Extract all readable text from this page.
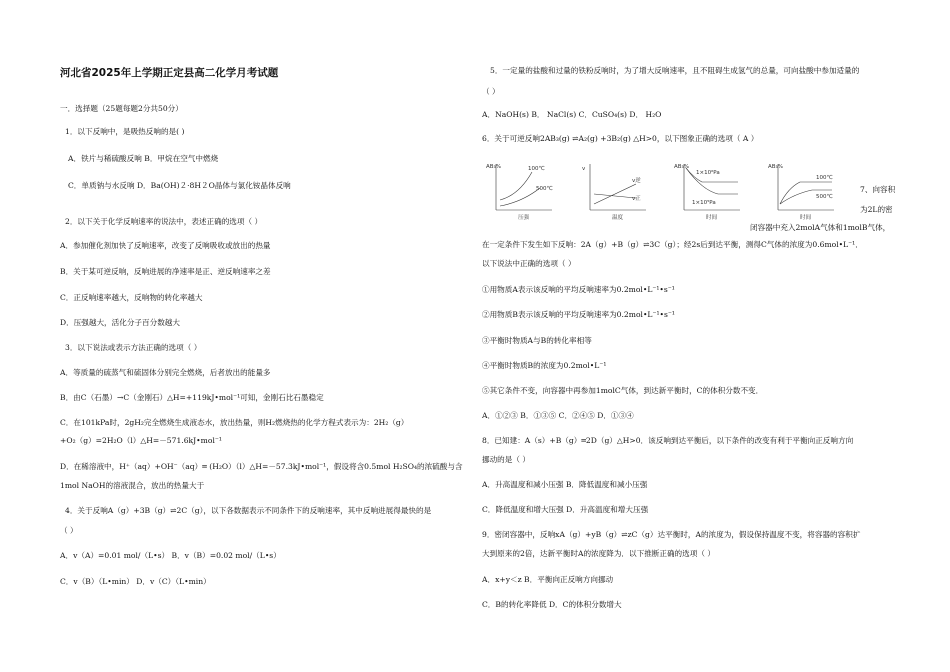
河北省2025年上学期正定县高二化学月考试题
一．选择题（25题每题2分共50分）
1．以下反响中，是吸热反响的是( )
A．铁片与稀硫酸反响 B．甲烷在空气中燃烧
C．单质钠与水反响 D．Ba(OH)２·8H２O晶体与氯化铵晶体反响
2．以下关于化学反响速率的说法中，表述正确的选项（ ）
A．参加催化剂加快了反响速率，改变了反响吸收或放出的热量
B．关于某可逆反响，反响进展的净速率是正、逆反响速率之差
C．正反响速率越大，反响物的转化率越大
D．压强越大，活化分子百分数越大
3．以下说法或表示方法正确的选项（ ）
A．等质量的硫蒸气和硫固体分别完全燃烧，后者放出的能量多
B．由C（石墨）→C（金刚石）△H=+119kJ•mol⁻¹可知，金刚石比石墨稳定
C．在101kPa时，2gH₂完全燃烧生成液态水，放出热量，则H₂燃烧热的化学方程式表示为：2H₂（g）
+O₂（g）=2H₂O（l）△H=－571.6kJ•mol⁻¹
D．在稀溶液中，H⁺（aq）+OH⁻（aq）═ (H₂O）（l）△H=－57.3kJ•mol⁻¹，假设将含0.5mol H₂SO₄的浓硫酸与含
1mol NaOH的溶液混合，放出的热量大于
4．关于反响A（g）+3B（g）⇌2C（g），以下各数据表示不同条件下的反响速率，其中反响进展得最快的是
（ ）
A．v（A）=0.01 mol/（L•s） B．v（B）=0.02 mol/（L•s）
C．v（B）（L•min） D．v（C）（L•min）
5．一定量的盐酸和过量的铁粉反响时，为了增大反响速率，且不阻碍生成氢气的总量，可向盐酸中参加适量的
（ ）
A．NaOH(s) B． NaCl(s) C．CuSO₄(s) D． H₂O
6．关于可逆反响2AB₃(g) ⇌A₂(g) +3B₂(g) △H>0，以下图象正确的选项（ A ）
7、向容积
为2L的密
闭容器中充入2molA气体和1molB气体，
在一定条件下发生如下反响：2A（g）+B（g）⇌3C（g）；经2s后到达平衡，测得C气体的浓度为0.6mol•L⁻¹．
以下说法中正确的选项（ ）
①用物质A表示该反响的平均反响速率为0.2mol•L⁻¹•s⁻¹
②用物质B表示该反响的平均反响速率为0.2mol•L⁻¹•s⁻¹
③平衡时物质A与B的转化率相等
④平衡时物质B的浓度为0.2mol•L⁻¹
⑤其它条件不变，向容器中再参加1molC气体，到达新平衡时，C的体积分数不变．
A．①②③ B．①③⑤ C．②④⑤ D．①③④
8．已知建：A（s）+B（g）═2D（g）△H>0．该反响到达平衡后，以下条件的改变有利于平衡向正反响方向
挪动的是（ ）
A．升高温度和减小压强 B．降低温度和减小压强
C．降低温度和增大压强 D．升高温度和增大压强
9．密闭容器中，反响xA（g）+yB（g）⇌zC（g）达平衡时，A的浓度为，假设保持温度不变，将容器的容积扩
大到原来的2倍，达新平衡时A的浓度降为．以下推断正确的选项（ ）
A．x+y＜z B．平衡向正反响方向挪动
C．B的转化率降低 D．C的体积分数增大
AB₃%
压强
100℃
500℃
v
温度
v逆
v正
AB₃%
时间
1×10⁶Pa
1×10⁵Pa
AB₃%
时间
100℃
500℃
